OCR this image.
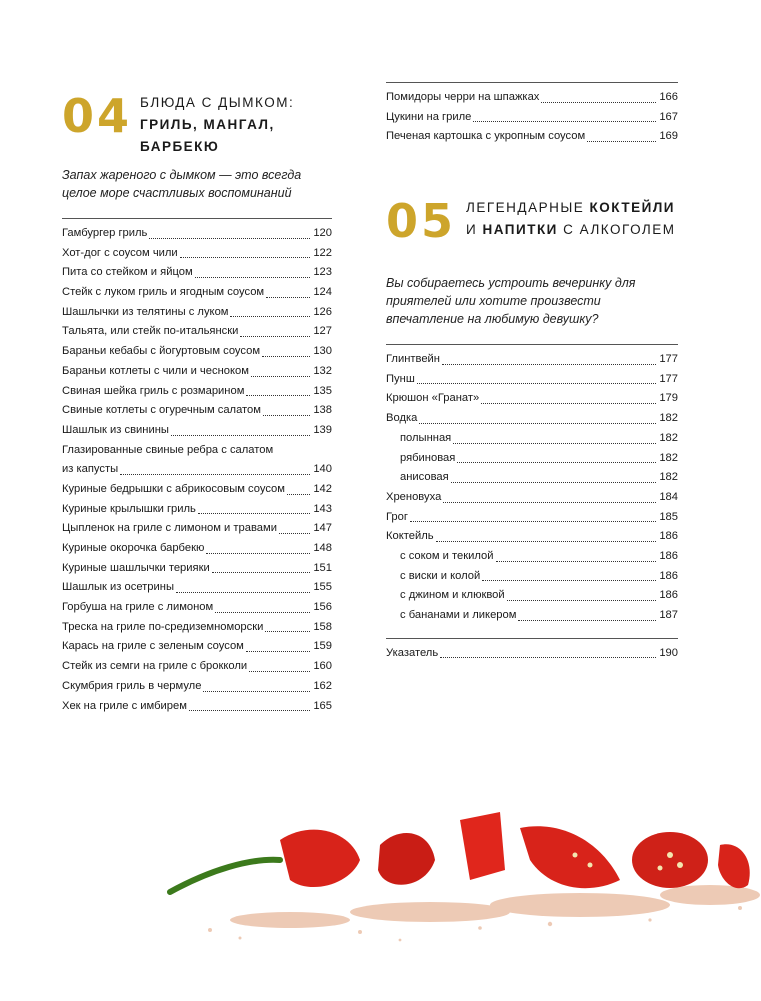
04 БЛЮДА С ДЫМКОМ:
ГРИЛЬ, МАНГАЛ, БАРБЕКЮ
Запах жареного с дымком — это всегда целое море счастливых воспоминаний
Гамбургер гриль	120
Хот-дог с соусом чили	122
Пита со стейком и яйцом	123
Стейк с луком гриль и ягодным соусом	124
Шашлычки из телятины с луком	126
Тальята, или стейк по-итальянски	127
Бараньи кебабы с йогуртовым соусом	130
Бараньи котлеты с чили и чесноком	132
Свиная шейка гриль с розмарином	135
Свиные котлеты с огуречным салатом	138
Шашлык из свинины	139
Глазированные свиные ребра с салатом
из капусты	140
Куриные бедрышки с абрикосовым соусом	142
Куриные крылышки гриль	143
Цыпленок на гриле с лимоном и травами	147
Куриные окорочка барбекю	148
Куриные шашлычки терияки	151
Шашлык из осетрины	155
Горбуша на гриле с лимоном	156
Треска на гриле по-средиземноморски	158
Карась на гриле с зеленым соусом	159
Стейк из семги на гриле с брокколи	160
Скумбрия гриль в чермуле	162
Хек на гриле с имбирем	165
Помидоры черри на шпажках	166
Цукини на гриле	167
Печеная картошка с укропным соусом	169
05 ЛЕГЕНДАРНЫЕ КОКТЕЙЛИ
И НАПИТКИ С АЛКОГОЛЕМ
Вы собираетесь устроить вечеринку для приятелей или хотите произвести впечатление на любимую девушку?
Глинтвейн	177
Пунш	177
Крюшон «Гранат»	179
Водка	182
полынная	182
рябиновая	182
анисовая	182
Хреновуха	184
Грог	185
Коктейль	186
с соком и текилой	186
с виски и колой	186
с джином и клюквой	186
с бананами и ликером	187
Указатель	190
